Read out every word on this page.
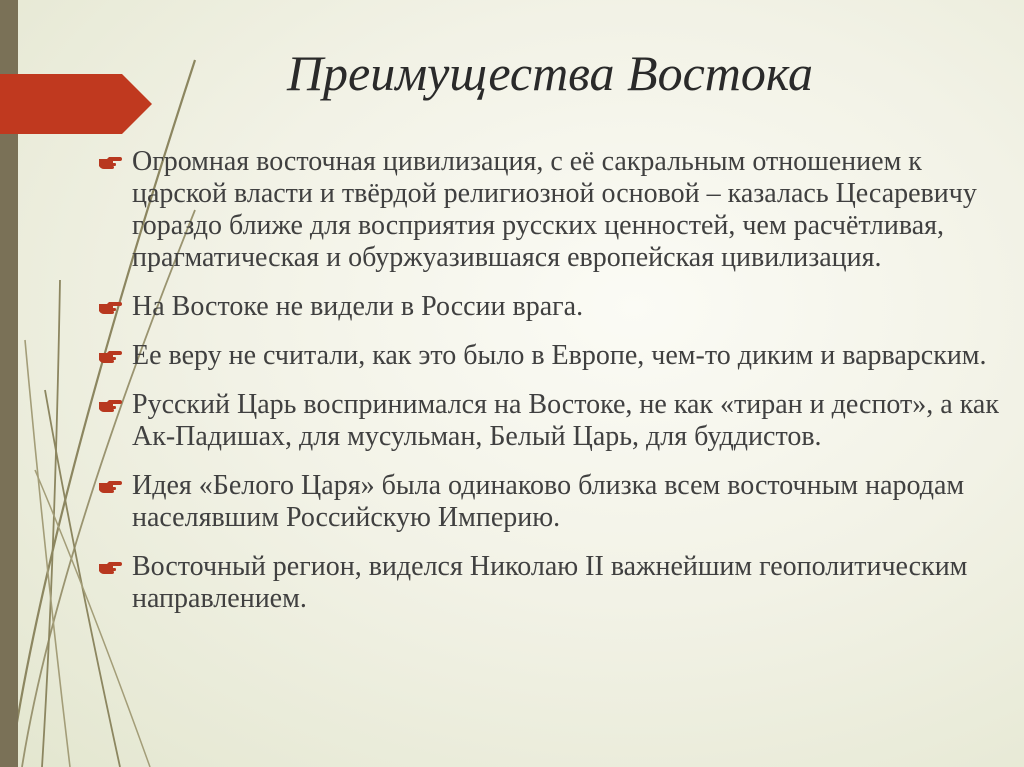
Преимущества Востока
Огромная восточная цивилизация, с её сакральным отношением к царской власти и твёрдой религиозной основой – казалась Цесаревичу гораздо ближе для восприятия русских ценностей, чем расчётливая, прагматическая и обуржуазившаяся европейская цивилизация.
На Востоке не видели в России врага.
Ее веру не считали, как это было в Европе, чем-то диким и варварским.
Русский Царь воспринимался на Востоке, не как «тиран и деспот», а как Ак-Падишах, для мусульман, Белый Царь, для буддистов.
Идея «Белого Царя» была одинаково близка всем восточным народам населявшим Российскую Империю.
Восточный регион, виделся Николаю II важнейшим геополитическим направлением.
